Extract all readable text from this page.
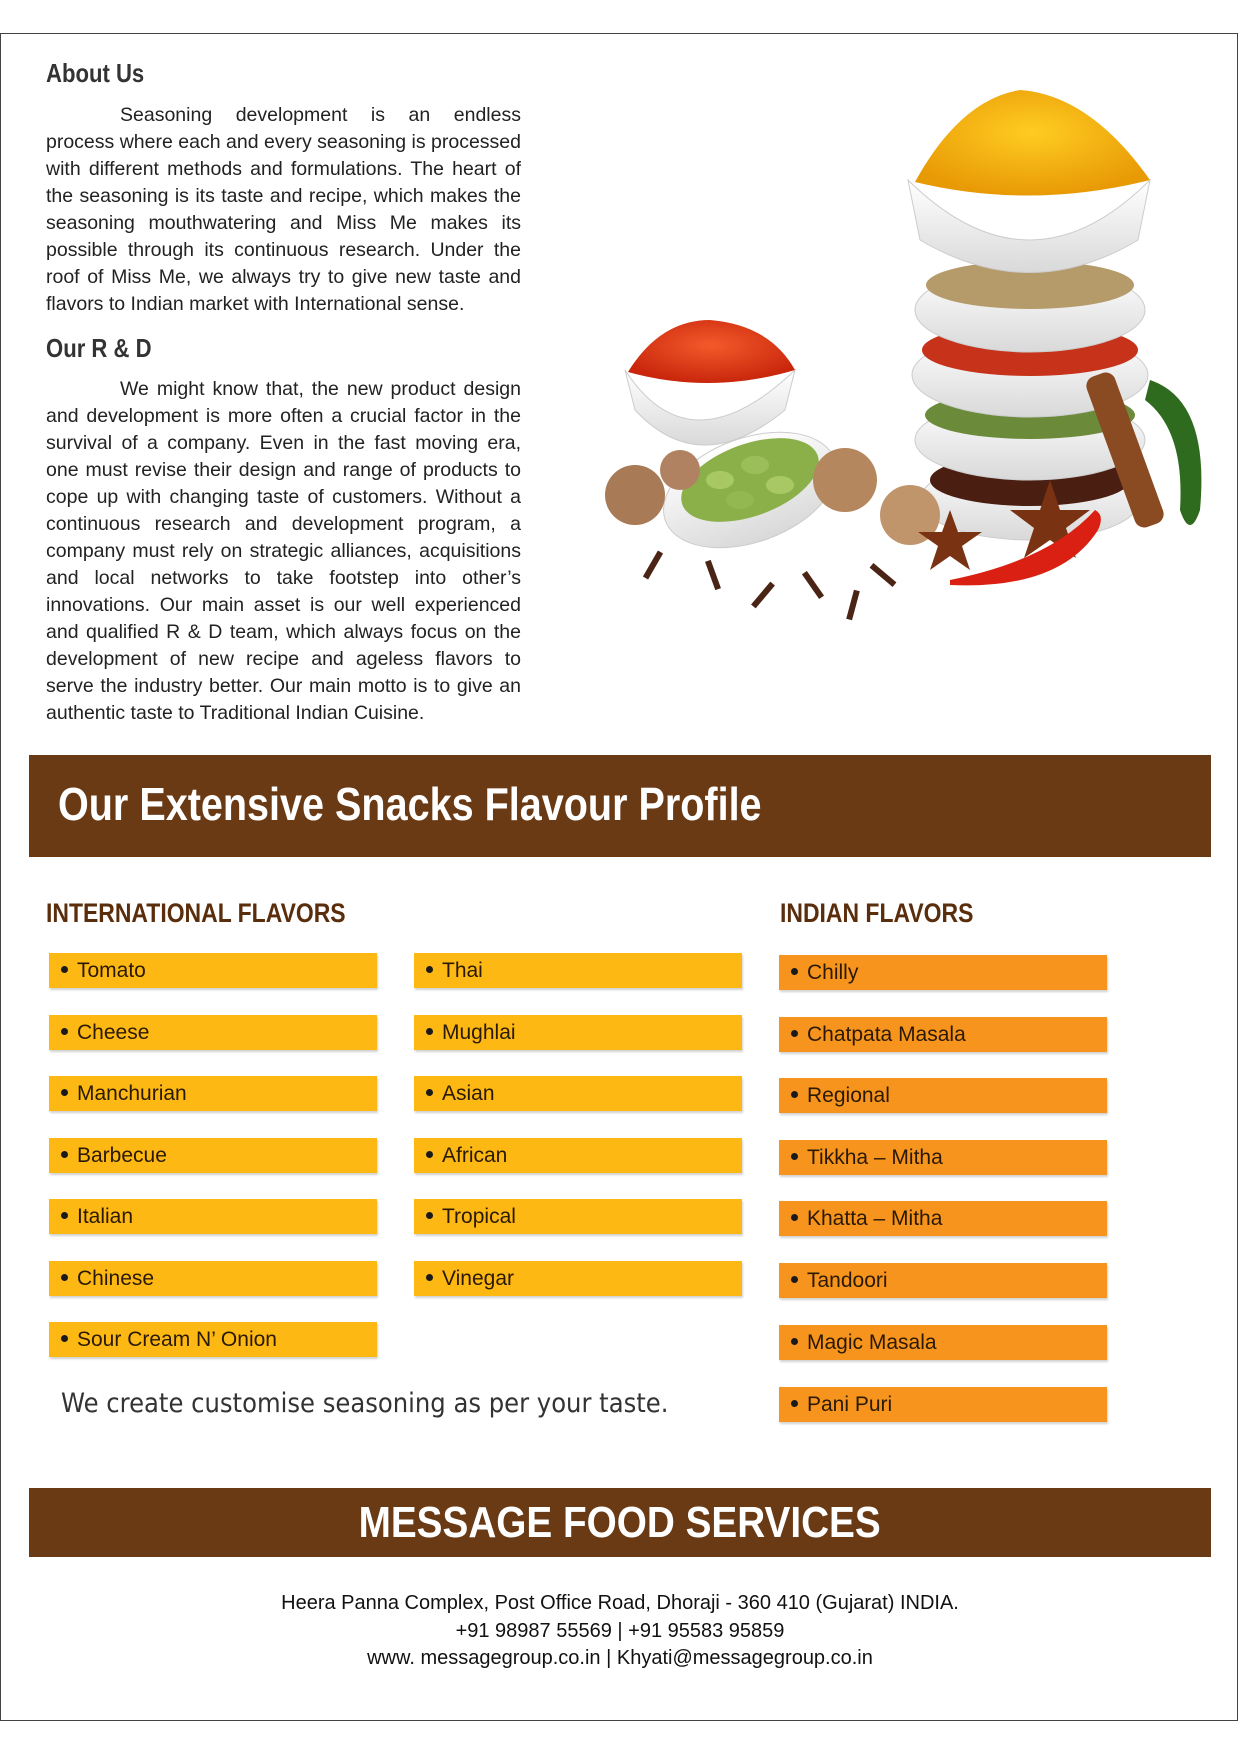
About Us

Seasoning development is an endless process where each and every seasoning is processed with different methods and formulations. The heart of the seasoning is its taste and recipe, which makes the seasoning mouthwatering and Miss Me makes its possible through its continuous research. Under the roof of Miss Me, we always try to give new taste and flavors to Indian market with International sense.

Our R & D

We might know that, the new product design and development is more often a crucial factor in the survival of a company. Even in the fast moving era, one must revise their design and range of products to cope up with changing taste of customers. Without a continuous research and development program, a company must rely on strategic alliances, acquisitions and local networks to take footstep into other’s innovations. Our main asset is our well experienced and qualified R & D team, which always focus on the development of new recipe and ageless flavors to serve the industry better. Our main motto is to give an authentic taste to Traditional Indian Cuisine.

Our Extensive Snacks Flavour Profile
INTERNATIONAL FLAVORS	INDIAN FLAVORS
Tomato
Cheese
Manchurian
Barbecue
Italian
Chinese
Sour Cream N’ Onion
Thai
Mughlai
Asian
African
Tropical
Vinegar
Chilly
Chatpata Masala
Regional
Tikkha – Mitha
Khatta – Mitha
Tandoori
Magic Masala
Pani Puri

We create customise seasoning as per your taste.

MESSAGE FOOD SERVICES

Heera Panna Complex, Post Office Road, Dhoraji - 360 410 (Gujarat) INDIA.

+91 98987 55569 | +91 95583 95859

www. messagegroup.co.in | Khyati@messagegroup.co.in
